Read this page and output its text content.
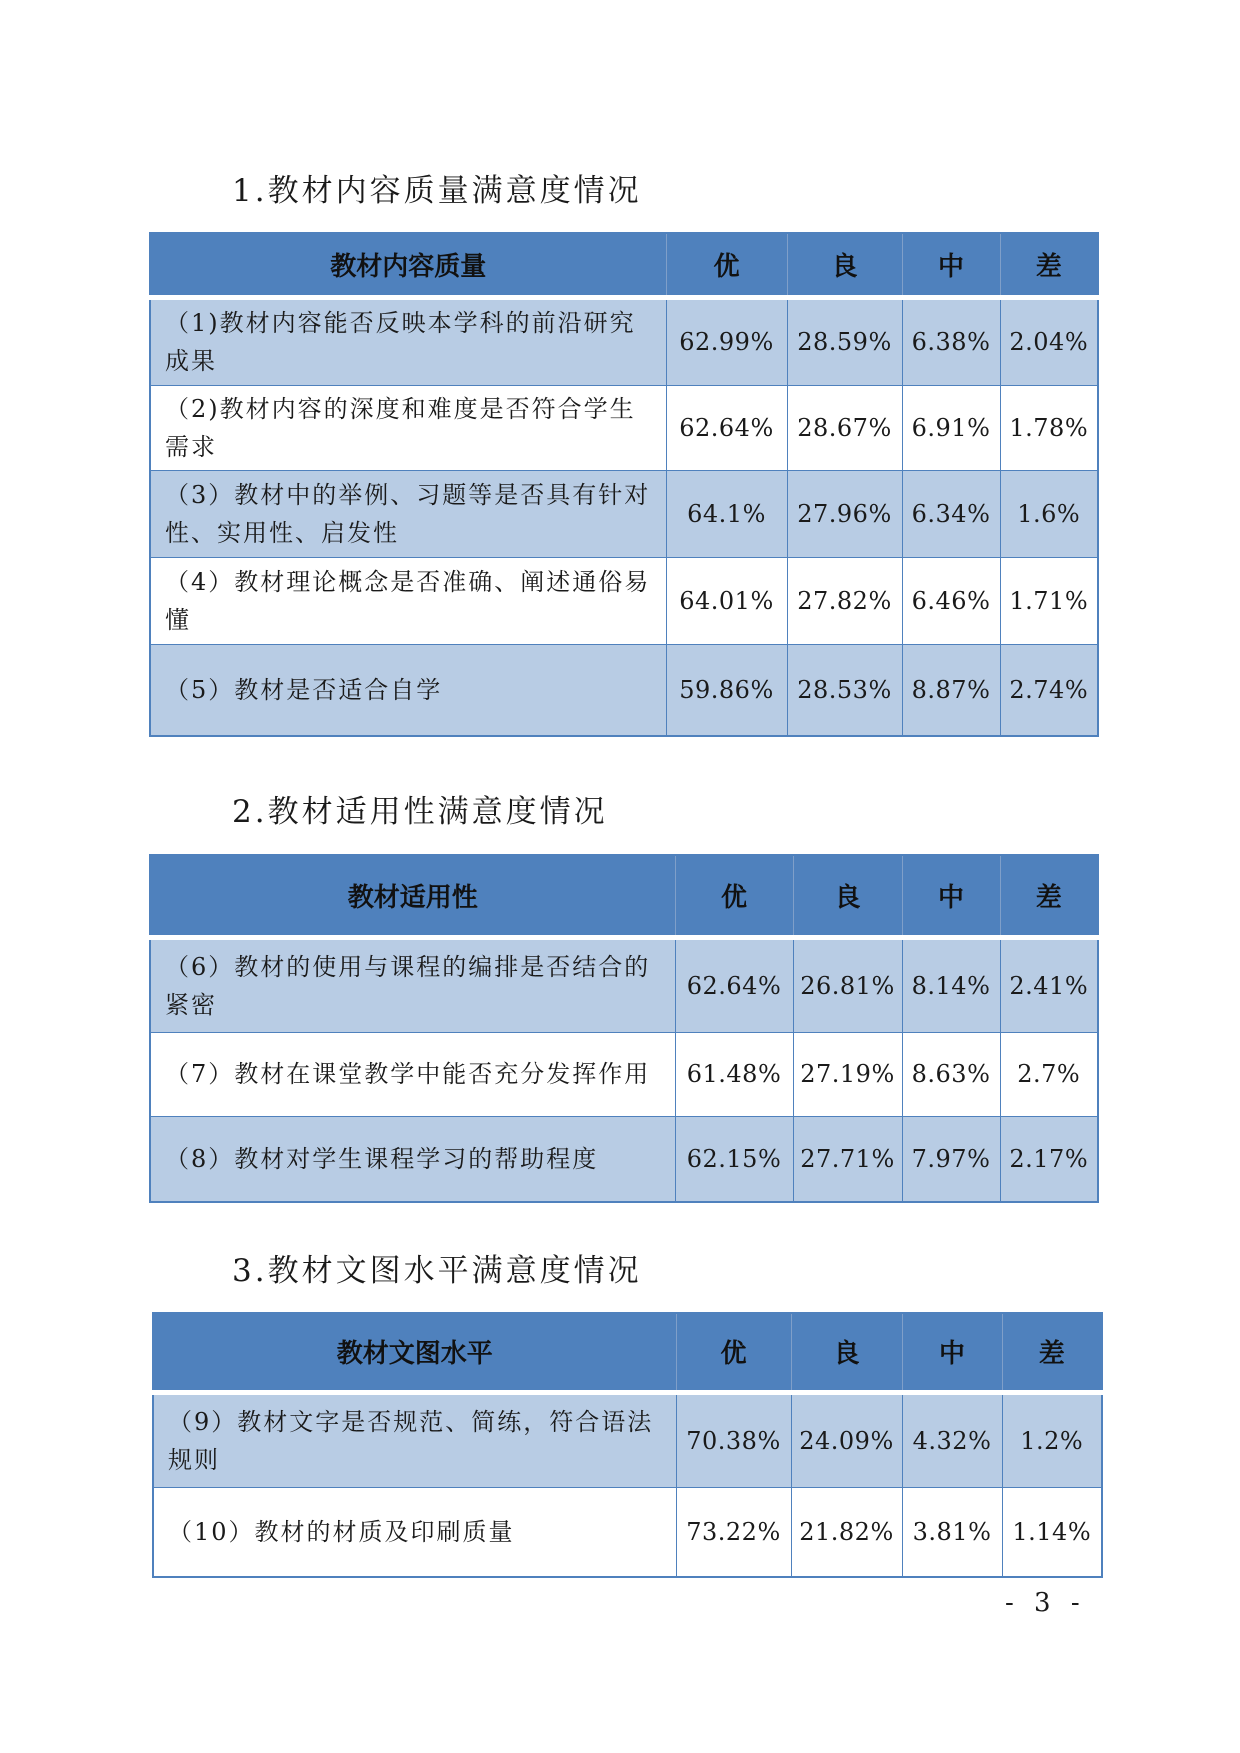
1.教材内容质量满意度情况
教材内容质量	优	良	中	差
（1)教材内容能否反映本学科的前沿研究成果	62.99%	28.59%	6.38%	2.04%
（2)教材内容的深度和难度是否符合学生需求	62.64%	28.67%	6.91%	1.78%
（3）教材中的举例、习题等是否具有针对性、实用性、启发性	64.1%	27.96%	6.34%	1.6%
（4）教材理论概念是否准确、阐述通俗易懂	64.01%	27.82%	6.46%	1.71%
（5）教材是否适合自学	59.86%	28.53%	8.87%	2.74%
2.教材适用性满意度情况
教材适用性	优	良	中	差
（6）教材的使用与课程的编排是否结合的紧密	62.64%	26.81%	8.14%	2.41%
（7）教材在课堂教学中能否充分发挥作用	61.48%	27.19%	8.63%	2.7%
（8）教材对学生课程学习的帮助程度	62.15%	27.71%	7.97%	2.17%
3.教材文图水平满意度情况
教材文图水平	优	良	中	差
（9）教材文字是否规范、简练，符合语法规则	70.38%	24.09%	4.32%	1.2%
（10）教材的材质及印刷质量	73.22%	21.82%	3.81%	1.14%
- 3 -
